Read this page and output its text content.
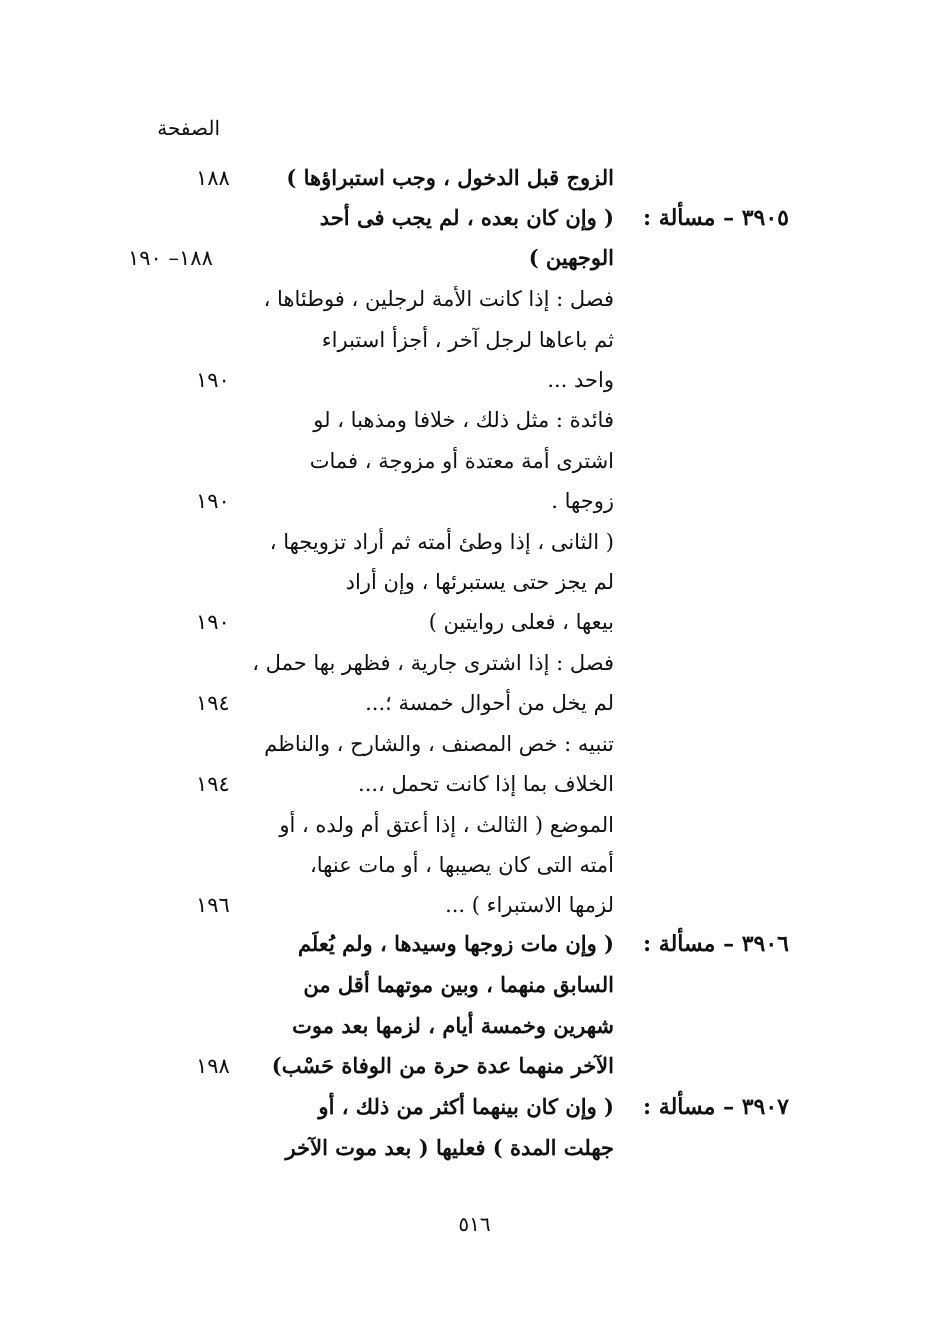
الصفحة
الزوج قبل الدخول ، وجب استبراؤها )
١٨٨
٣٩٠٥ – مسألة :
( وإن كان بعده ، لم يجب فى أحد
الوجهين )
١٨٨– ١٩٠
فصل : إذا كانت الأمة لرجلين ، فوطئاها ،
ثم باعاها لرجل آخر ، أجزأ استبراء
واحد ...
١٩٠
فائدة : مثل ذلك ، خلافا ومذهبا ، لو
اشترى أمة معتدة أو مزوجة ، فمات
زوجها .
١٩٠
( الثانى ، إذا وطئ أمته ثم أراد تزويجها ،
لم يجز حتى يستبرئها ، وإن أراد
بيعها ، فعلى روايتين )
١٩٠
فصل : إذا اشترى جارية ، فظهر بها حمل ،
لم يخل من أحوال خمسة ؛...
١٩٤
تنبيه : خص المصنف ، والشارح ، والناظم
الخلاف بما إذا كانت تحمل ،...
١٩٤
الموضع ( الثالث ، إذا أعتق أم ولده ، أو
أمته التى كان يصيبها ، أو مات عنها،
لزمها الاستبراء ) ...
١٩٦
٣٩٠٦ – مسألة :
( وإن مات زوجها وسيدها ، ولم يُعلَم
السابق منهما ، وبين موتهما أقل من
شهرين وخمسة أيام ، لزمها بعد موت
الآخر منهما عدة حرة من الوفاة حَسْب)
١٩٨
٣٩٠٧ – مسألة :
( وإن كان بينهما أكثر من ذلك ، أو
جهلت المدة ) فعليها ( بعد موت الآخر
٥١٦
